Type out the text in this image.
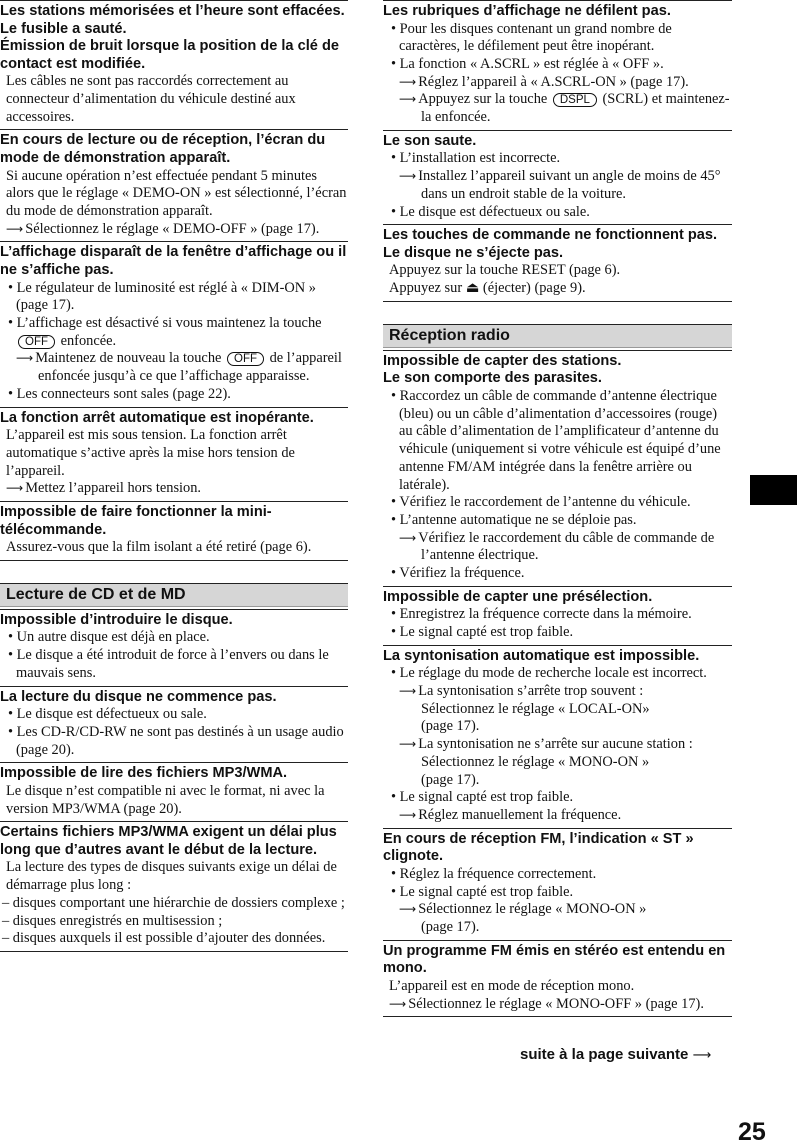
Les stations mémorisées et l’heure sont effacées.
Le fusible a sauté.
Émission de bruit lorsque la position de la clé de contact est modifiée.
Les câbles ne sont pas raccordés correctement au connecteur d’alimentation du véhicule destiné aux accessoires.
En cours de lecture ou de réception, l’écran du mode de démonstration apparaît.
Si aucune opération n’est effectuée pendant 5 minutes alors que le réglage « DEMO-ON » est sélectionné, l’écran du mode de démonstration apparaît.
⟶ Sélectionnez le réglage « DEMO-OFF » (page 17).
L’affichage disparaît de la fenêtre d’affichage ou il ne s’affiche pas.
• Le régulateur de luminosité est réglé à « DIM-ON » (page 17).
• L’affichage est désactivé si vous maintenez la touche OFF enfoncée.
⟶ Maintenez de nouveau la touche OFF de l’appareil enfoncée jusqu’à ce que l’affichage apparaisse.
• Les connecteurs sont sales (page 22).
La fonction arrêt automatique est inopérante.
L’appareil est mis sous tension. La fonction arrêt automatique s’active après la mise hors tension de l’appareil.
⟶ Mettez l’appareil hors tension.
Impossible de faire fonctionner la mini-télécommande.
Assurez-vous que la film isolant a été retiré (page 6).
Lecture de CD et de MD
Impossible d’introduire le disque.
• Un autre disque est déjà en place.
• Le disque a été introduit de force à l’envers ou dans le mauvais sens.
La lecture du disque ne commence pas.
• Le disque est défectueux ou sale.
• Les CD-R/CD-RW ne sont pas destinés à un usage audio (page 20).
Impossible de lire des fichiers MP3/WMA.
Le disque n’est compatible ni avec le format, ni avec la version MP3/WMA (page 20).
Certains fichiers MP3/WMA exigent un délai plus long que d’autres avant le début de la lecture.
La lecture des types de disques suivants exige un délai de démarrage plus long :
– disques comportant une hiérarchie de dossiers complexe ;
– disques enregistrés en multisession ;
– disques auxquels il est possible d’ajouter des données.
Les rubriques d’affichage ne défilent pas.
• Pour les disques contenant un grand nombre de caractères, le défilement peut être inopérant.
• La fonction « A.SCRL » est réglée à « OFF ».
⟶ Réglez l’appareil à « A.SCRL-ON » (page 17).
⟶ Appuyez sur la touche DSPL (SCRL) et maintenez-la enfoncée.
Le son saute.
• L’installation est incorrecte.
⟶ Installez l’appareil suivant un angle de moins de 45° dans un endroit stable de la voiture.
• Le disque est défectueux ou sale.
Les touches de commande ne fonctionnent pas.
Le disque ne s’éjecte pas.
Appuyez sur la touche RESET (page 6).
Appuyez sur ⏏ (éjecter) (page 9).
Réception radio
Impossible de capter des stations.
Le son comporte des parasites.
• Raccordez un câble de commande d’antenne électrique (bleu) ou un câble d’alimentation d’accessoires (rouge) au câble d’alimentation de l’amplificateur d’antenne du véhicule (uniquement si votre véhicule est équipé d’une antenne FM/AM intégrée dans la fenêtre arrière ou latérale).
• Vérifiez le raccordement de l’antenne du véhicule.
• L’antenne automatique ne se déploie pas.
⟶ Vérifiez le raccordement du câble de commande de l’antenne électrique.
• Vérifiez la fréquence.
Impossible de capter une présélection.
• Enregistrez la fréquence correcte dans la mémoire.
• Le signal capté est trop faible.
La syntonisation automatique est impossible.
• Le réglage du mode de recherche locale est incorrect.
⟶ La syntonisation s’arrête trop souvent :
Sélectionnez le réglage « LOCAL-ON»
(page 17).
⟶ La syntonisation ne s’arrête sur aucune station :
Sélectionnez le réglage « MONO-ON »
(page 17).
• Le signal capté est trop faible.
⟶ Réglez manuellement la fréquence.
En cours de réception FM, l’indication « ST » clignote.
• Réglez la fréquence correctement.
• Le signal capté est trop faible.
⟶ Sélectionnez le réglage « MONO-ON »
(page 17).
Un programme FM émis en stéréo est entendu en mono.
L’appareil est en mode de réception mono.
⟶ Sélectionnez le réglage « MONO-OFF » (page 17).
suite à la page suivante ⟶
25
